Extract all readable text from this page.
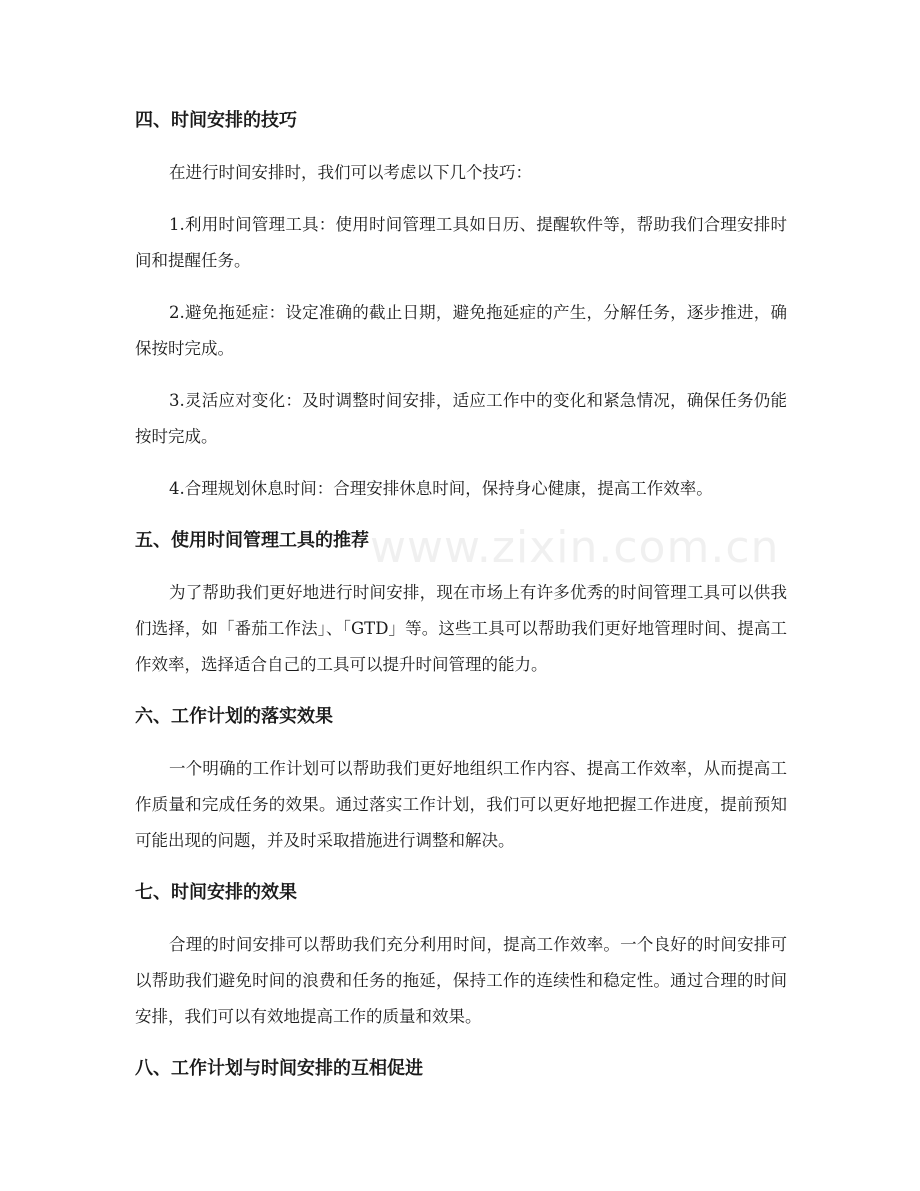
www.zixin.com.cn
四、时间安排的技巧

在进行时间安排时，我们可以考虑以下几个技巧：

1.利用时间管理工具：使用时间管理工具如日历、提醒软件等，帮助我们合理安排时间和提醒任务。

2.避免拖延症：设定准确的截止日期，避免拖延症的产生，分解任务，逐步推进，确保按时完成。

3.灵活应对变化：及时调整时间安排，适应工作中的变化和紧急情况，确保任务仍能按时完成。

4.合理规划休息时间：合理安排休息时间，保持身心健康，提高工作效率。

五、使用时间管理工具的推荐

为了帮助我们更好地进行时间安排，现在市场上有许多优秀的时间管理工具可以供我们选择，如「番茄工作法」、「GTD」等。这些工具可以帮助我们更好地管理时间、提高工作效率，选择适合自己的工具可以提升时间管理的能力。

六、工作计划的落实效果

一个明确的工作计划可以帮助我们更好地组织工作内容、提高工作效率，从而提高工作质量和完成任务的效果。通过落实工作计划，我们可以更好地把握工作进度，提前预知可能出现的问题，并及时采取措施进行调整和解决。

七、时间安排的效果

合理的时间安排可以帮助我们充分利用时间，提高工作效率。一个良好的时间安排可以帮助我们避免时间的浪费和任务的拖延，保持工作的连续性和稳定性。通过合理的时间安排，我们可以有效地提高工作的质量和效果。

八、工作计划与时间安排的互相促进
